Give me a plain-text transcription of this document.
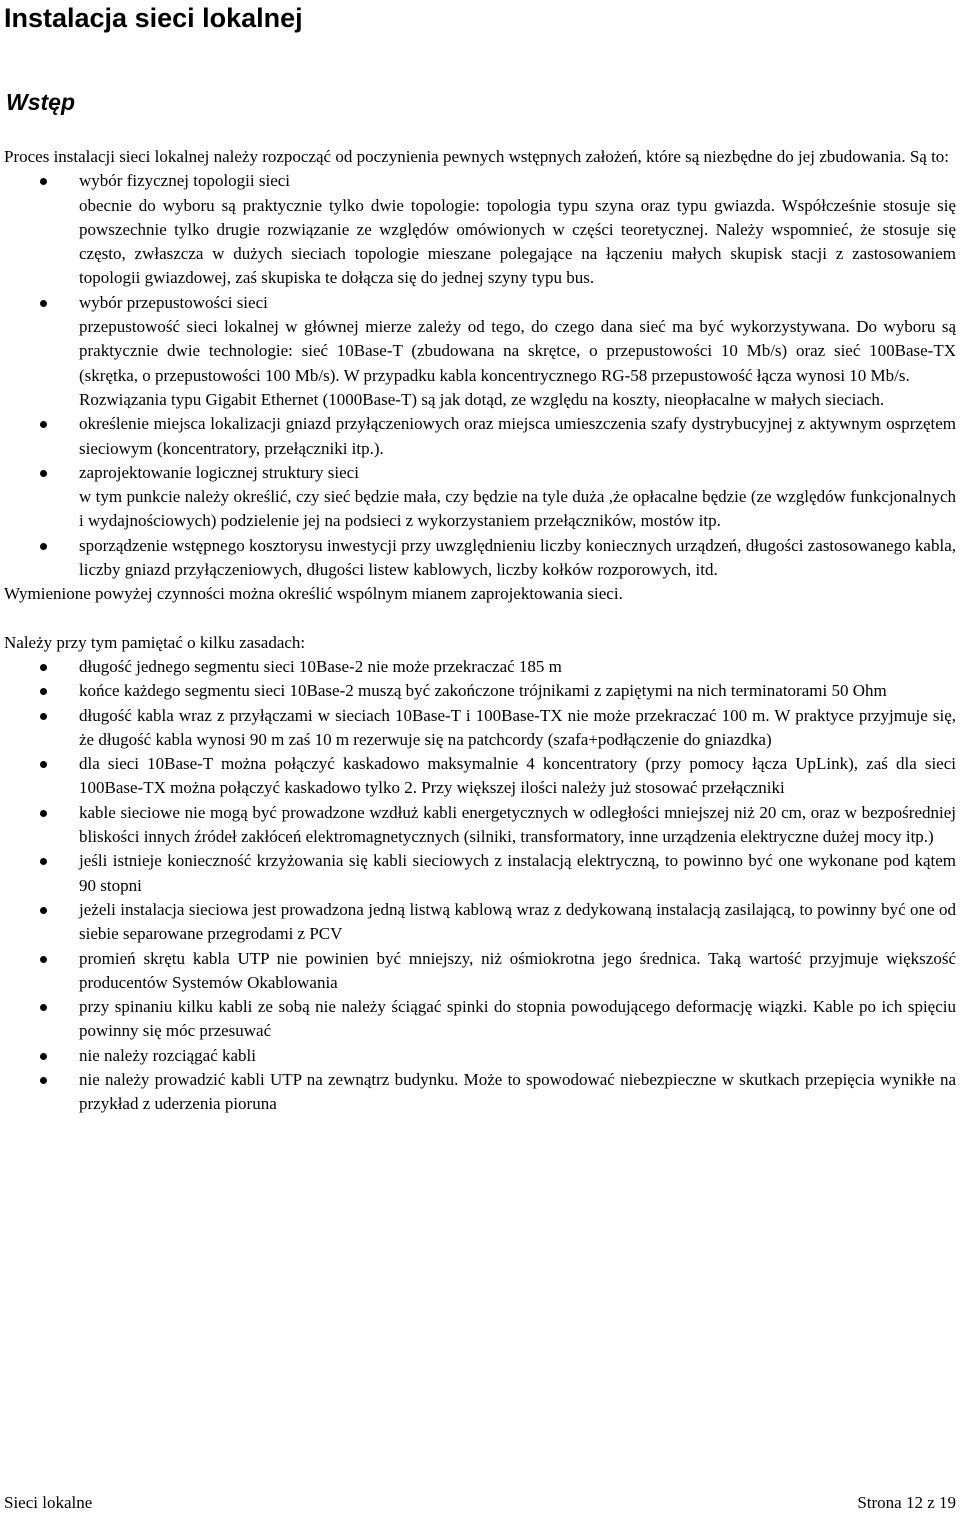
Instalacja sieci lokalnej
Wstęp

Proces instalacji sieci lokalnej należy rozpocząć od poczynienia pewnych wstępnych założeń, które są niezbędne do jej zbudowania. Są to:

wybór fizycznej topologii sieci

obecnie do wyboru są praktycznie tylko dwie topologie: topologia typu szyna oraz typu gwiazda. Współcześnie stosuje się powszechnie tylko drugie rozwiązanie ze względów omówionych w części teoretycznej. Należy wspomnieć, że stosuje się często, zwłaszcza w dużych sieciach topologie mieszane polegające na łączeniu małych skupisk stacji z zastosowaniem topologii gwiazdowej, zaś skupiska te dołącza się do jednej szyny typu bus.

wybór przepustowości sieci

przepustowość sieci lokalnej w głównej mierze zależy od tego, do czego dana sieć ma być wykorzystywana. Do wyboru są praktycznie dwie technologie: sieć 10Base-T (zbudowana na skrętce, o przepustowości 10 Mb/s) oraz sieć 100Base-TX (skrętka, o przepustowości 100 Mb/s). W przypadku kabla koncentrycznego RG-58 przepustowość łącza wynosi 10 Mb/s.

Rozwiązania typu Gigabit Ethernet (1000Base-T) są jak dotąd, ze względu na koszty, nieopłacalne w małych sieciach.

określenie miejsca lokalizacji gniazd przyłączeniowych oraz miejsca umieszczenia szafy dystrybucyjnej z aktywnym osprzętem sieciowym (koncentratory, przełączniki itp.).

zaprojektowanie logicznej struktury sieci

w tym punkcie należy określić, czy sieć będzie mała, czy będzie na tyle duża ,że opłacalne będzie (ze względów funkcjonalnych i wydajnościowych) podzielenie jej na podsieci z wykorzystaniem przełączników, mostów itp.

sporządzenie wstępnego kosztorysu inwestycji przy uwzględnieniu liczby koniecznych urządzeń, długości zastosowanego kabla, liczby gniazd przyłączeniowych, długości listew kablowych, liczby kołków rozporowych, itd.

Wymienione powyżej czynności można określić wspólnym mianem zaprojektowania sieci.

Należy przy tym pamiętać o kilku zasadach:

długość jednego segmentu sieci 10Base-2 nie może przekraczać 185 m
końce każdego segmentu sieci 10Base-2 muszą być zakończone trójnikami z zapiętymi na nich terminatorami 50 Ohm
długość kabla wraz z przyłączami w sieciach 10Base-T i 100Base-TX nie może przekraczać 100 m. W praktyce przyjmuje się, że długość kabla wynosi 90 m zaś 10 m rezerwuje się na patchcordy (szafa+podłączenie do gniazdka)
dla sieci 10Base-T można połączyć kaskadowo maksymalnie 4 koncentratory (przy pomocy łącza UpLink), zaś dla sieci 100Base-TX można połączyć kaskadowo tylko 2. Przy większej ilości należy już stosować przełączniki
kable sieciowe nie mogą być prowadzone wzdłuż kabli energetycznych w odległości mniejszej niż 20 cm, oraz w bezpośredniej bliskości innych źródeł zakłóceń elektromagnetycznych (silniki, transformatory, inne urządzenia elektryczne dużej mocy itp.)
jeśli istnieje konieczność krzyżowania się kabli sieciowych z instalacją elektryczną, to powinno być one wykonane pod kątem 90 stopni
jeżeli instalacja sieciowa jest prowadzona jedną listwą kablową wraz z dedykowaną instalacją zasilającą, to powinny być one od siebie separowane przegrodami z PCV
promień skrętu kabla UTP nie powinien być mniejszy, niż ośmiokrotna jego średnica. Taką wartość przyjmuje większość producentów Systemów Okablowania
przy spinaniu kilku kabli ze sobą nie należy ściągać spinki do stopnia powodującego deformację wiązki. Kable po ich spięciu powinny się móc przesuwać
nie należy rozciągać kabli
nie należy prowadzić kabli UTP na zewnątrz budynku. Może to spowodować niebezpieczne w skutkach przepięcia wynikłe na przykład z uderzenia pioruna
Sieci lokalne	Strona 12 z 19
